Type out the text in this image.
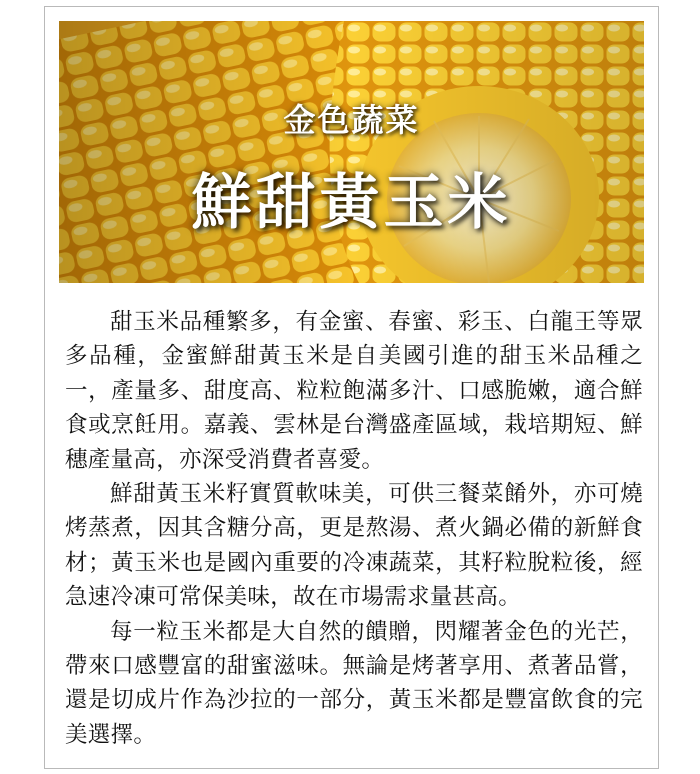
金色蔬菜
鮮甜黃玉米

甜玉米品種繁多，有金蜜、春蜜、彩玉、白龍王等眾多品種，金蜜鮮甜黃玉米是自美國引進的甜玉米品種之一，產量多、甜度高、粒粒飽滿多汁、口感脆嫩，適合鮮食或烹飪用。嘉義、雲林是台灣盛產區域，栽培期短、鮮穗產量高，亦深受消費者喜愛。

鮮甜黃玉米籽實質軟味美，可供三餐菜餚外，亦可燒烤蒸煮，因其含糖分高，更是熬湯、煮火鍋必備的新鮮食材；黃玉米也是國內重要的冷凍蔬菜，其籽粒脫粒後，經急速冷凍可常保美味，故在市場需求量甚高。

每一粒玉米都是大自然的饋贈，閃耀著金色的光芒，帶來口感豐富的甜蜜滋味。無論是烤著享用、煮著品嘗，還是切成片作為沙拉的一部分，黃玉米都是豐富飲食的完美選擇。
